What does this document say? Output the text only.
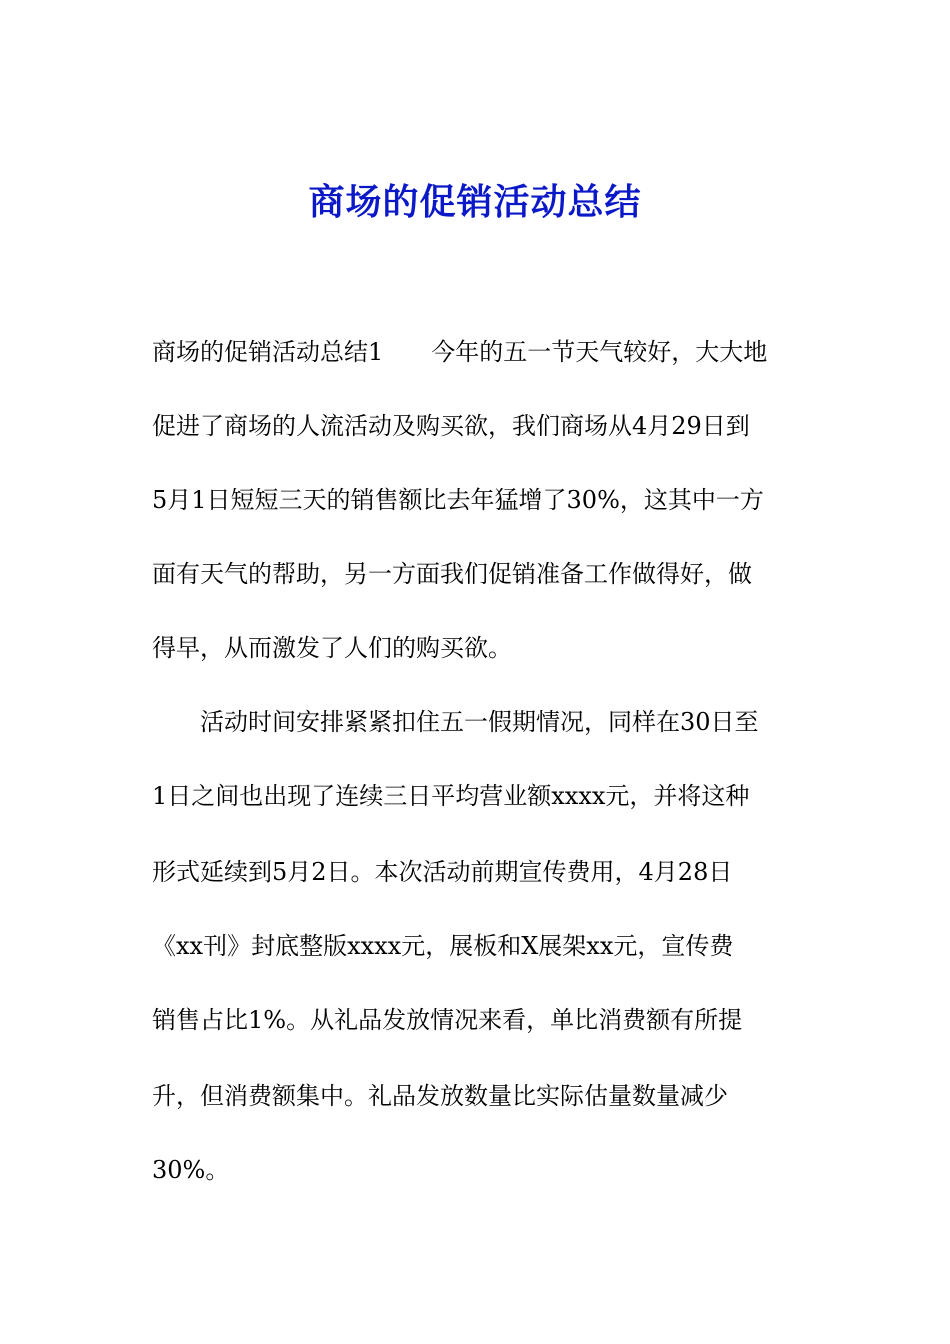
商场的促销活动总结
商场的促销活动总结1 今年的五一节天气较好，大大地
促进了商场的人流活动及购买欲，我们商场从4月29日到
5月1日短短三天的销售额比去年猛增了30%，这其中一方
面有天气的帮助，另一方面我们促销准备工作做得好，做
得早，从而激发了人们的购买欲。
活动时间安排紧紧扣住五一假期情况，同样在30日至
1日之间也出现了连续三日平均营业额xxxx元，并将这种
形式延续到5月2日。本次活动前期宣传费用，4月28日
《xx刊》封底整版xxxx元，展板和X展架xx元，宣传费
销售占比1%。从礼品发放情况来看，单比消费额有所提
升，但消费额集中。礼品发放数量比实际估量数量减少
30%。
